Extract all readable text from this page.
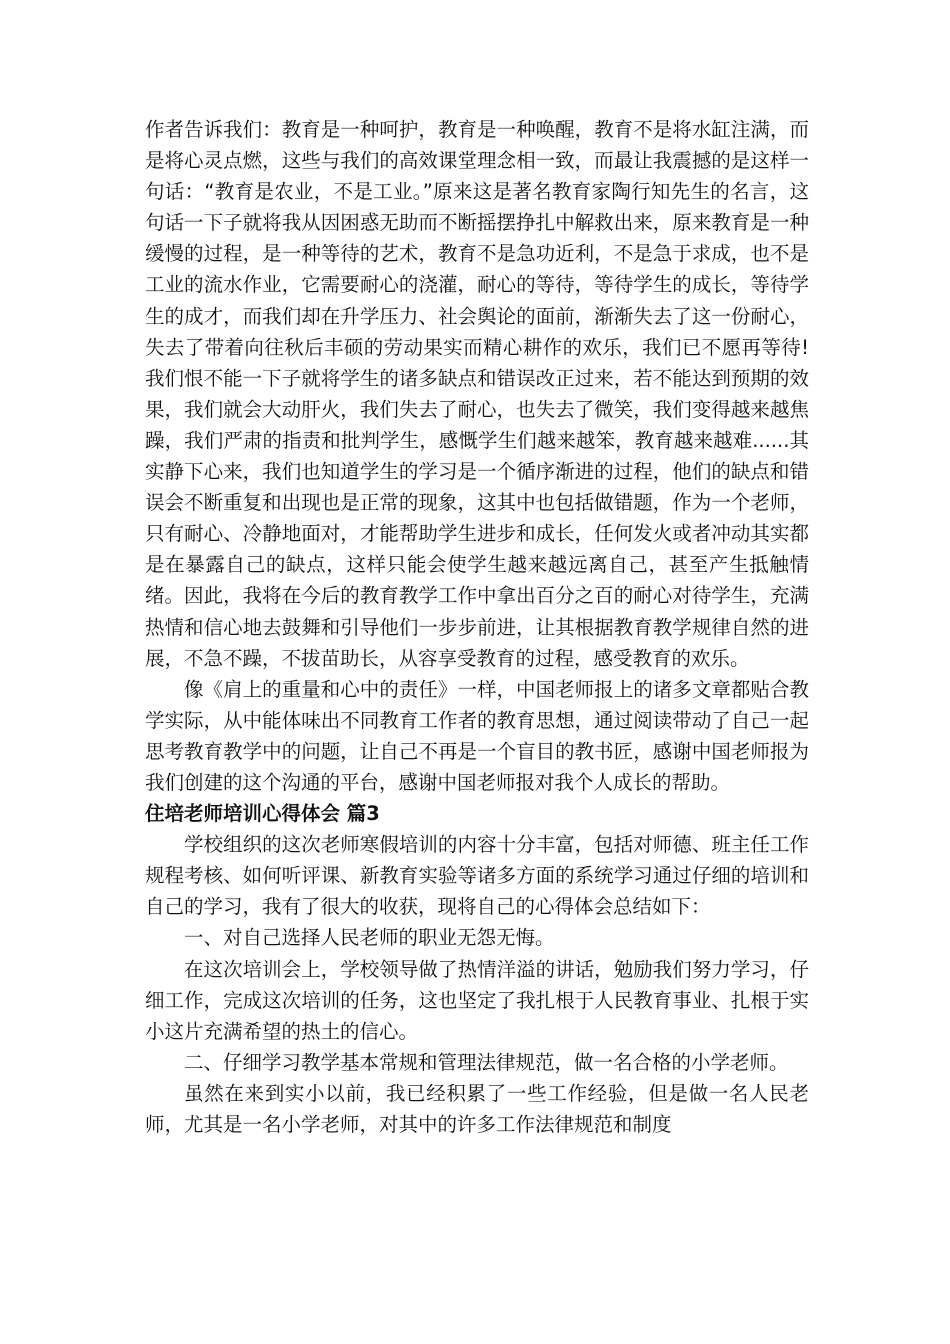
作者告诉我们：教育是一种呵护，教育是一种唤醒，教育不是将水缸注满，而是将心灵点燃，这些与我们的高效课堂理念相一致，而最让我震撼的是这样一句话：“教育是农业，不是工业。”原来这是著名教育家陶行知先生的名言，这句话一下子就将我从因困惑无助而不断摇摆挣扎中解救出来，原来教育是一种缓慢的过程，是一种等待的艺术，教育不是急功近利，不是急于求成，也不是工业的流水作业，它需要耐心的浇灌，耐心的等待，等待学生的成长，等待学生的成才，而我们却在升学压力、社会舆论的面前，渐渐失去了这一份耐心，失去了带着向往秋后丰硕的劳动果实而精心耕作的欢乐，我们已不愿再等待!我们恨不能一下子就将学生的诸多缺点和错误改正过来，若不能达到预期的效果，我们就会大动肝火，我们失去了耐心，也失去了微笑，我们变得越来越焦躁，我们严肃的指责和批判学生，感慨学生们越来越笨，教育越来越难......其实静下心来，我们也知道学生的学习是一个循序渐进的过程，他们的缺点和错误会不断重复和出现也是正常的现象，这其中也包括做错题，作为一个老师，只有耐心、冷静地面对，才能帮助学生进步和成长，任何发火或者冲动其实都是在暴露自己的缺点，这样只能会使学生越来越远离自己，甚至产生抵触情绪。因此，我将在今后的教育教学工作中拿出百分之百的耐心对待学生，充满热情和信心地去鼓舞和引导他们一步步前进，让其根据教育教学规律自然的进展，不急不躁，不拔苗助长，从容享受教育的过程，感受教育的欢乐。

像《肩上的重量和心中的责任》一样，中国老师报上的诸多文章都贴合教学实际，从中能体味出不同教育工作者的教育思想，通过阅读带动了自己一起思考教育教学中的问题，让自己不再是一个盲目的教书匠，感谢中国老师报为我们创建的这个沟通的平台，感谢中国老师报对我个人成长的帮助。

住培老师培训心得体会 篇3

学校组织的这次老师寒假培训的内容十分丰富，包括对师德、班主任工作规程考核、如何听评课、新教育实验等诸多方面的系统学习通过仔细的培训和自己的学习，我有了很大的收获，现将自己的心得体会总结如下：

一、对自己选择人民老师的职业无怨无悔。

在这次培训会上，学校领导做了热情洋溢的讲话，勉励我们努力学习，仔细工作，完成这次培训的任务，这也坚定了我扎根于人民教育事业、扎根于实小这片充满希望的热土的信心。

二、仔细学习教学基本常规和管理法律规范，做一名合格的小学老师。

虽然在来到实小以前，我已经积累了一些工作经验，但是做一名人民老师，尤其是一名小学老师，对其中的许多工作法律规范和制度
